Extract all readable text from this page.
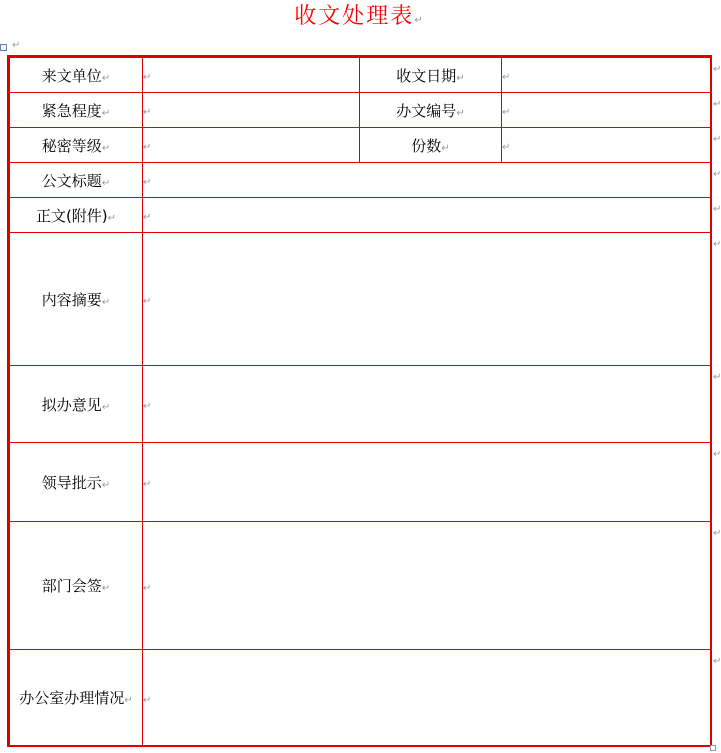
收文处理表↵
↵
来文单位↵	↵	收文日期↵	↵
紧急程度↵	↵	办文编号↵	↵
秘密等级↵	↵	份数↵	↵
公文标题↵	↵		
正文(附件)↵	↵		
内容摘要↵	↵		
拟办意见↵	↵		
领导批示↵	↵		
部门会签↵	↵		
办公室办理情况↵	↵		
↵
↵
↵
↵
↵
↵
↵
↵
↵
↵
